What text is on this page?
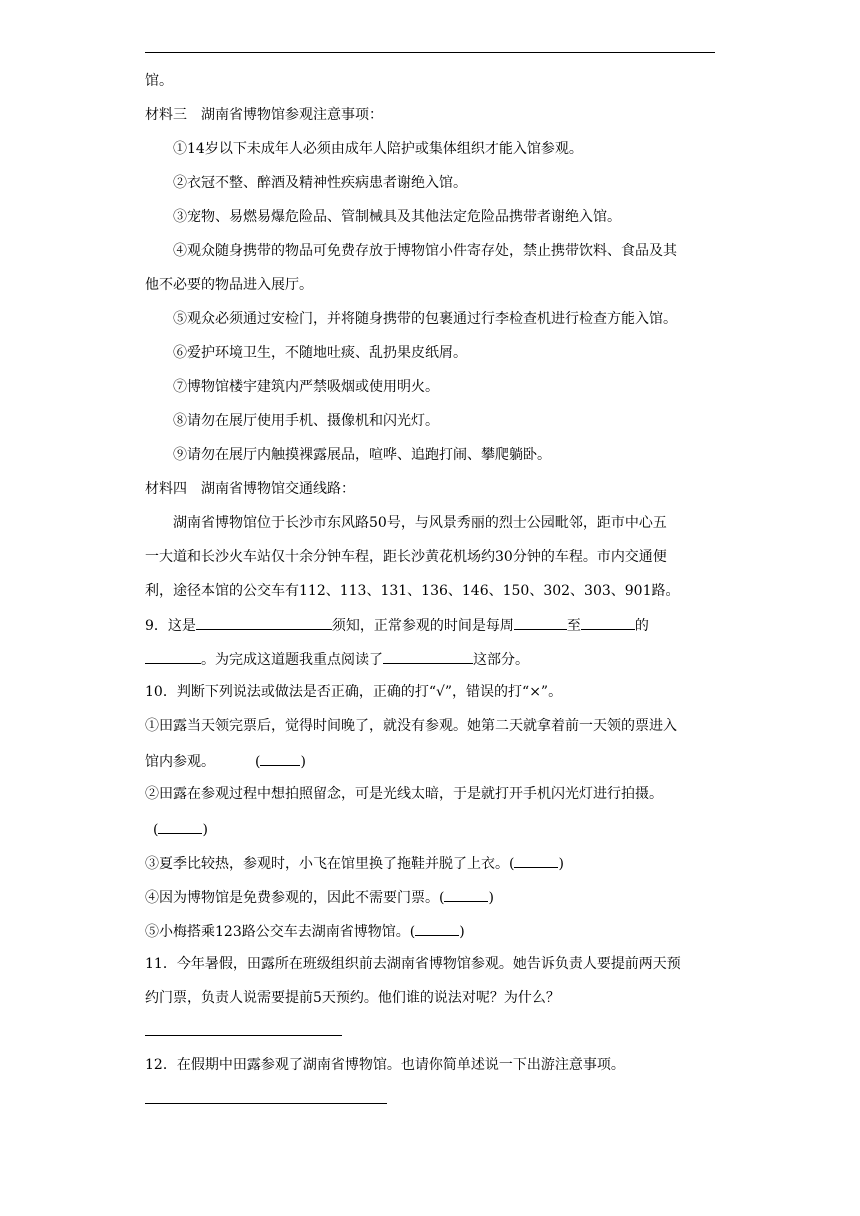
馆。
材料三　湖南省博物馆参观注意事项：
①14岁以下未成年人必须由成年人陪护或集体组织才能入馆参观。
②衣冠不整、醉酒及精神性疾病患者谢绝入馆。
③宠物、易燃易爆危险品、管制械具及其他法定危险品携带者谢绝入馆。
④观众随身携带的物品可免费存放于博物馆小件寄存处，禁止携带饮料、食品及其
他不必要的物品进入展厅。
⑤观众必须通过安检门，并将随身携带的包裹通过行李检查机进行检查方能入馆。
⑥爱护环境卫生，不随地吐痰、乱扔果皮纸屑。
⑦博物馆楼宇建筑内严禁吸烟或使用明火。
⑧请勿在展厅使用手机、摄像机和闪光灯。
⑨请勿在展厅内触摸裸露展品，喧哗、追跑打闹、攀爬躺卧。
材料四　湖南省博物馆交通线路：
湖南省博物馆位于长沙市东风路50号，与风景秀丽的烈士公园毗邻，距市中心五
一大道和长沙火车站仅十余分钟车程，距长沙黄花机场约30分钟的车程。市内交通便
利，途径本馆的公交车有112、113、131、136、146、150、302、303、901路。
9．这是	须知，正常参观的时间是每周	至	的
。为完成这道题我重点阅读了	这部分。
10．判断下列说法或做法是否正确，正确的打“√”，错误的打“×”。
①田露当天领完票后，觉得时间晚了，就没有参观。她第二天就拿着前一天领的票进入
馆内参观。	(	)
②田露在参观过程中想拍照留念，可是光线太暗，于是就打开手机闪光灯进行拍摄。
(	)
③夏季比较热，参观时，小飞在馆里换了拖鞋并脱了上衣。(	)
④因为博物馆是免费参观的，因此不需要门票。(	)
⑤小梅搭乘123路公交车去湖南省博物馆。(	)
11．今年暑假，田露所在班级组织前去湖南省博物馆参观。她告诉负责人要提前两天预
约门票，负责人说需要提前5天预约。他们谁的说法对呢？为什么？
12．在假期中田露参观了湖南省博物馆。也请你简单述说一下出游注意事项。
